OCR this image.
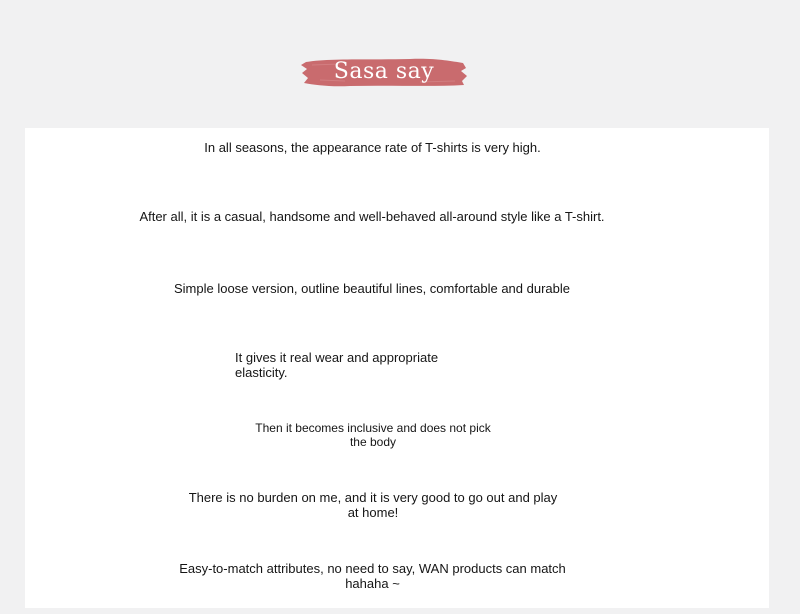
Sasa say
In all seasons, the appearance rate of T-shirts is very high.
After all, it is a casual, handsome and well-behaved all-around style like a T-shirt.
Simple loose version, outline beautiful lines, comfortable and durable
It gives it real wear and appropriate elasticity.
Then it becomes inclusive and does not pick the body
There is no burden on me, and it is very good to go out and play at home!
Easy-to-match attributes, no need to say, WAN products can match hahaha ~
